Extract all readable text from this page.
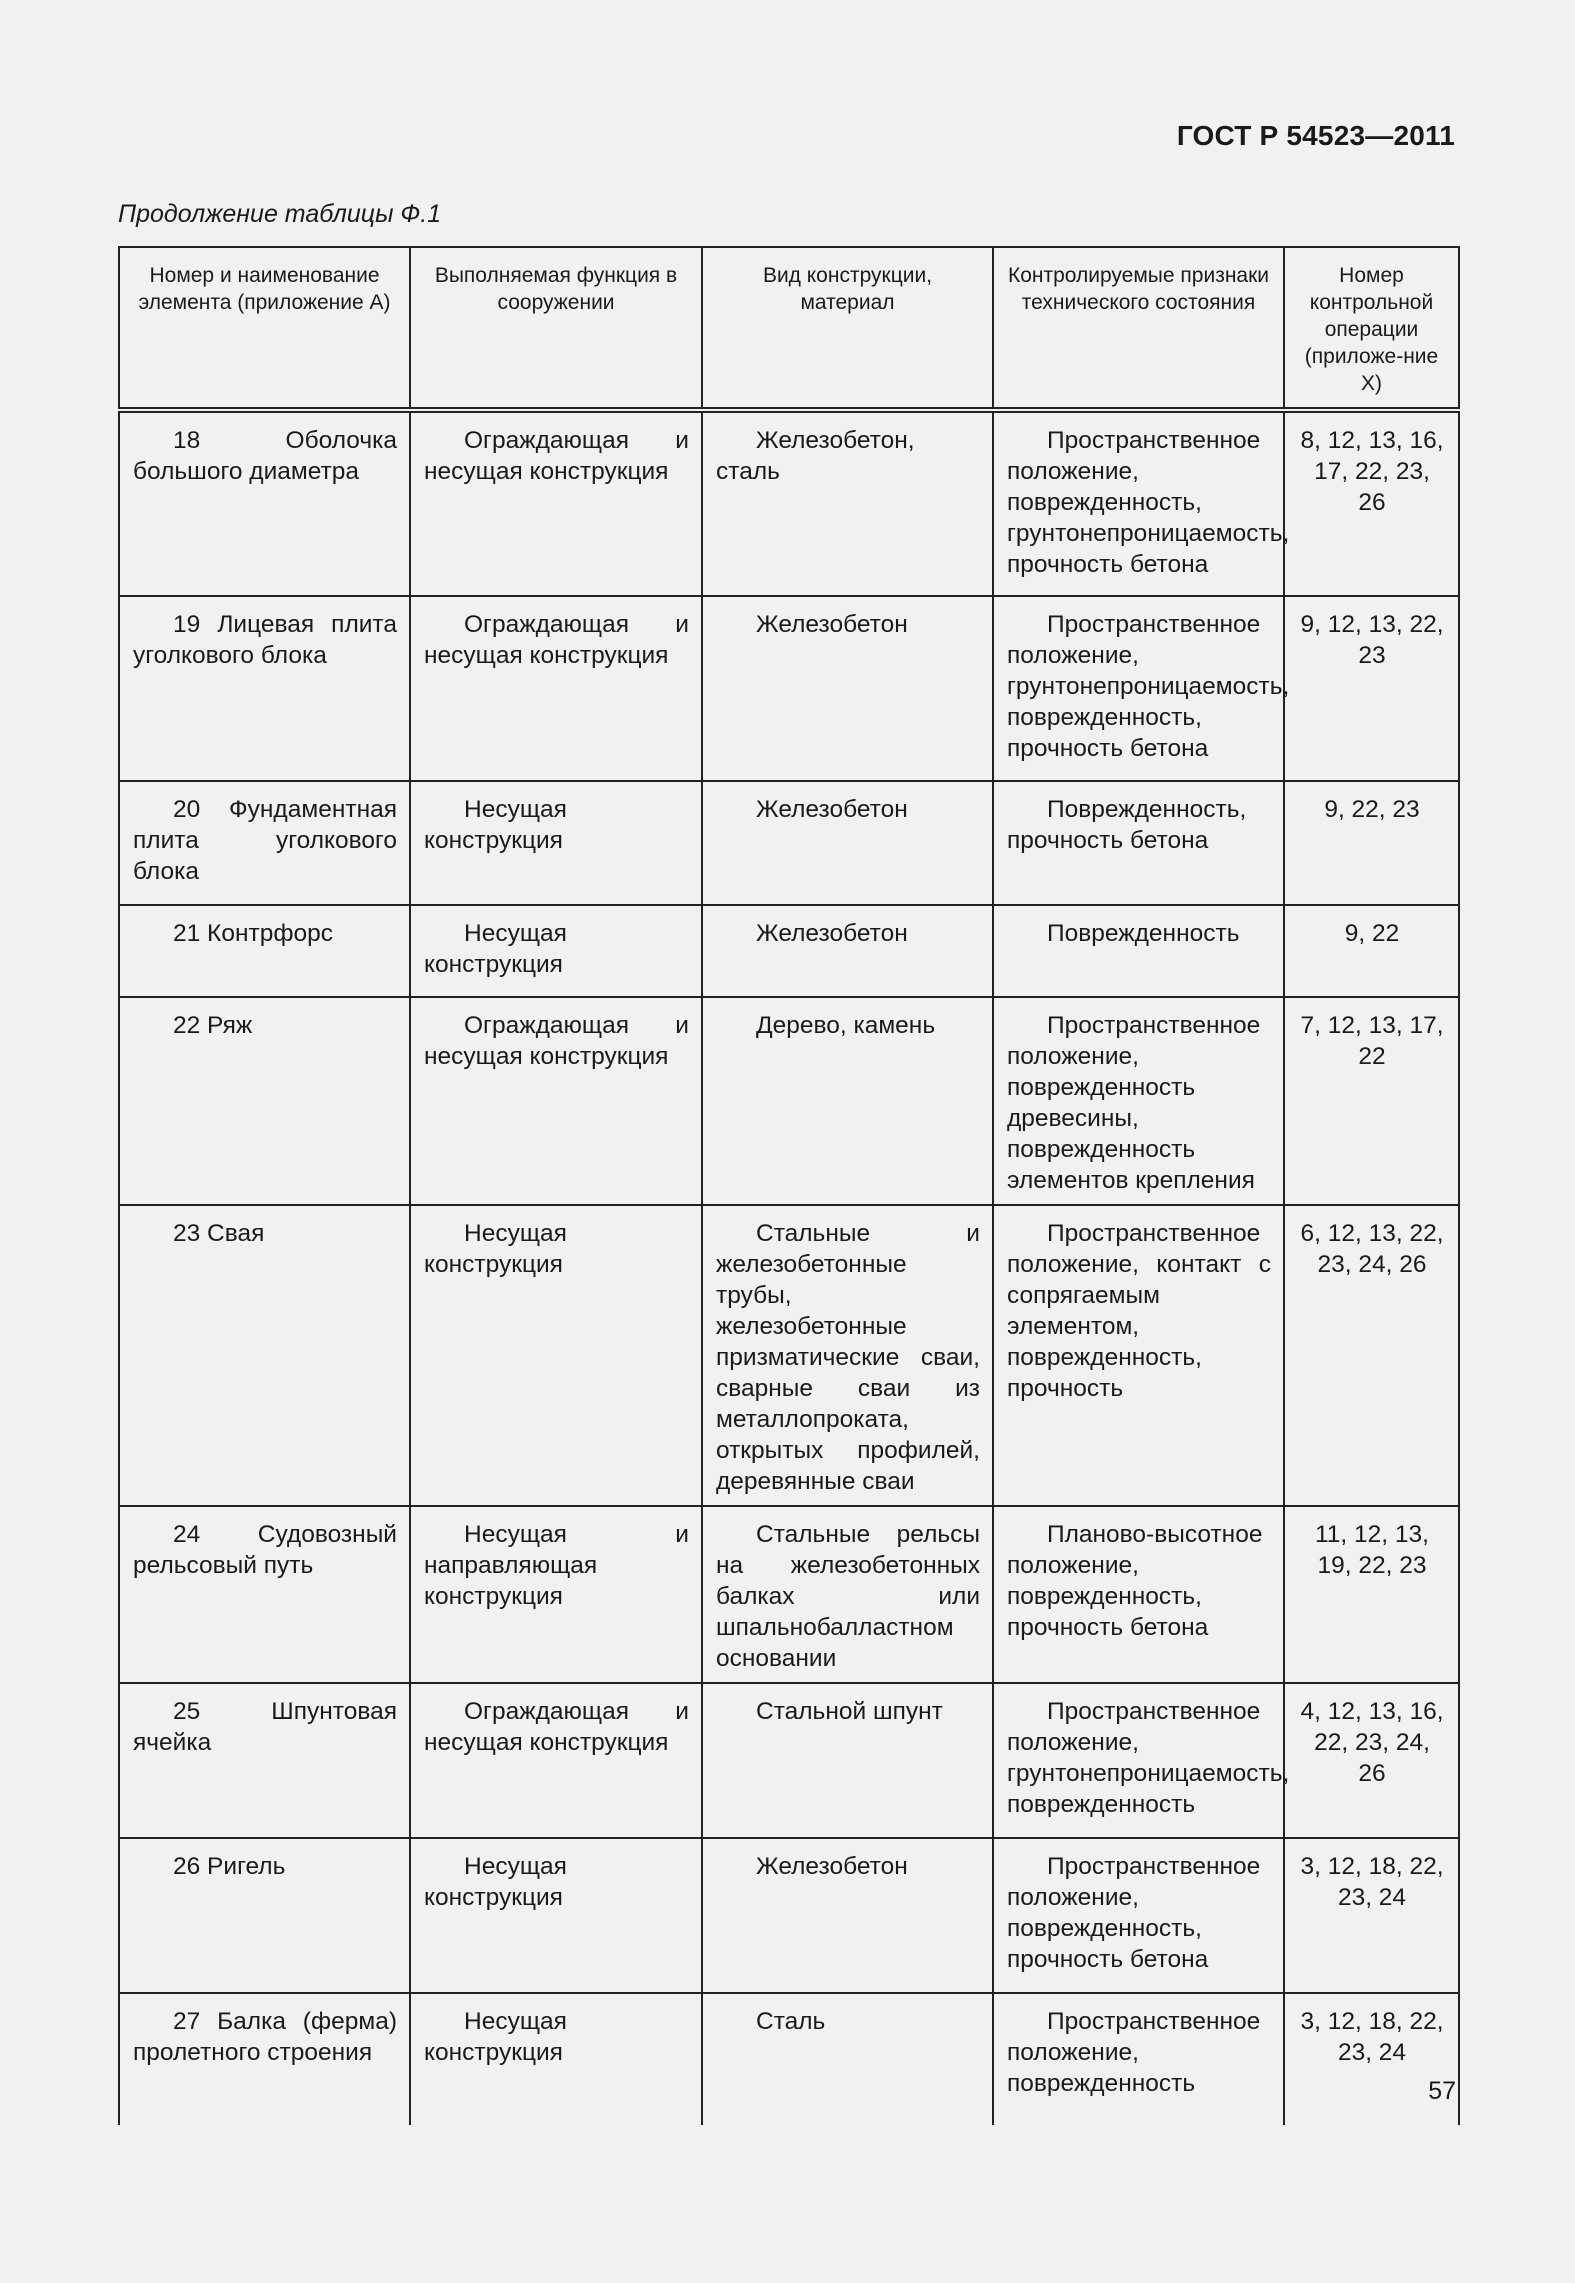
ГОСТ Р 54523—2011
Продолжение таблицы Ф.1
Номер и наименование элемента (приложение А)	Выполняемая функция в сооружении	Вид конструкции, материал	Контролируемые признаки технического состояния	Номер контрольной операции (приложе-ние Х)
18 Оболочка большого диаметра	Ограждающая и несущая конструкция	Железобетон, сталь	Пространственное положение, поврежденность, грунтонепроницаемость, прочность бетона	8, 12, 13, 16, 17, 22, 23, 26
19 Лицевая плита уголкового блока	Ограждающая и несущая конструкция	Железобетон	Пространственное положение, грунтонепроницаемость, поврежденность, прочность бетона	9, 12, 13, 22, 23
20 Фундаментная плита уголкового блока	Несущая конструкция	Железобетон	Поврежденность, прочность бетона	9, 22, 23
21 Контрфорс	Несущая конструкция	Железобетон	Поврежденность	9, 22
22 Ряж	Ограждающая и несущая конструкция	Дерево, камень	Пространственное положение, поврежденность древесины, поврежденность элементов крепления	7, 12, 13, 17, 22
23 Свая	Несущая конструкция	Стальные и железобетонные трубы, железобетонные призматические сваи, сварные сваи из металлопроката, открытых профилей, деревянные сваи	Пространственное положение, контакт с сопрягаемым элементом, поврежденность, прочность	6, 12, 13, 22, 23, 24, 26
24 Судовозный рельсовый путь	Несущая и направляющая конструкция	Стальные рельсы на железобетонных балках или шпальнобалластном основании	Планово-высотное положение, поврежденность, прочность бетона	11, 12, 13, 19, 22, 23
25 Шпунтовая ячейка	Ограждающая и несущая конструкция	Стальной шпунт	Пространственное положение, грунтонепроницаемость, поврежденность	4, 12, 13, 16, 22, 23, 24, 26
26 Ригель	Несущая конструкция	Железобетон	Пространственное положение, поврежденность, прочность бетона	3, 12, 18, 22, 23, 24
27 Балка (ферма) пролетного строения	Несущая конструкция	Сталь	Пространственное положение, поврежденность	3, 12, 18, 22, 23, 24
57
